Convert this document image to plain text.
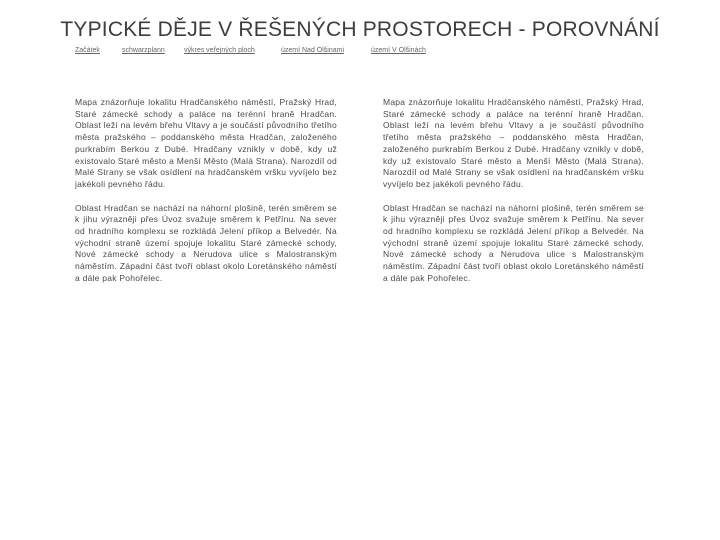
TYPICKÉ DĚJE V ŘEŠENÝCH PROSTORECH - POROVNÁNÍ
Začátek	schwarzplann	výkres veřejných ploch	území Nad Olšinami	území V Olšinách

Mapa znázorňuje lokalitu Hradčanského náměstí, Pražský Hrad, Staré zámecké schody a paláce na terénní hraně Hradčan. Oblast leží na levém břehu Vltavy a je součástí původního třetího města pražského – poddanského města Hradčan, založeného purkrabím Berkou z Dubé. Hradčany vznikly v době, kdy už existovalo Staré město a Menší Město (Malá Strana). Narozdíl od Malé Strany se však osídlení na hradčanském vršku vyvíjelo bez jakékoli pevného řádu.

Oblast Hradčan se nachází na náhorní plošině, terén směrem se k jihu výrazněji přes Úvoz svažuje směrem k Petřínu. Na sever od hradního komplexu se rozkládá Jelení příkop a Belvedér. Na východní straně území spojuje lokalitu Staré zámecké schody, Nové zámecké schody a Nerudova ulice s Malostranským náměstím. Západní část tvoří oblast okolo Loretánského náměstí a dále pak Pohořelec.

Mapa znázorňuje lokalitu Hradčanského náměstí, Pražský Hrad, Staré zámecké schody a paláce na terénní hraně Hradčan. Oblast leží na levém břehu Vltavy a je součástí původního třetího města pražského – poddanského města Hradčan, založeného purkrabím Berkou z Dubé. Hradčany vznikly v době, kdy už existovalo Staré město a Menší Město (Malá Strana). Narozdíl od Malé Strany se však osídlení na hradčanském vršku vyvíjelo bez jakékoli pevného řádu.

Oblast Hradčan se nachází na náhorní plošině, terén směrem se k jihu výrazněji přes Úvoz svažuje směrem k Petřínu. Na sever od hradního komplexu se rozkládá Jelení příkop a Belvedér. Na východní straně území spojuje lokalitu Staré zámecké schody, Nové zámecké schody a Nerudova ulice s Malostranským náměstím. Západní část tvoří oblast okolo Loretánského náměstí a dále pak Pohořelec.
